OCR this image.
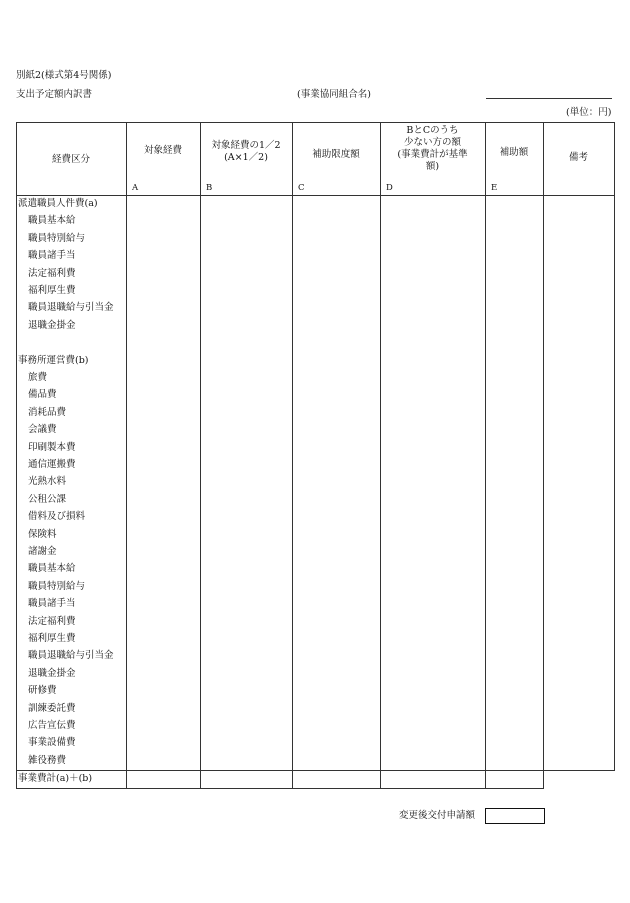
別紙2(様式第4号関係)
支出予定額内訳書	(事業協同組合名)
(単位：円)
経費区分
対象経費
A
対象経費の1／2
(A×1／2)
B
補助限度額
C
BとCのうち
少ない方の額
(事業費計が基準
額)
D
補助額
E
備考
派遣職員人件費(a)
職員基本給
職員特別給与
職員諸手当
法定福利費
福利厚生費
職員退職給与引当金
退職金掛金
事務所運営費(b)
旅費
備品費
消耗品費
会議費
印刷製本費
通信運搬費
光熱水料
公租公課
借料及び損料
保険料
諸謝金
職員基本給
職員特別給与
職員諸手当
法定福利費
福利厚生費
職員退職給与引当金
退職金掛金
研修費
訓練委託費
広告宣伝費
事業設備費
雑役務費
事業費計(a)＋(b)
変更後交付申請額
